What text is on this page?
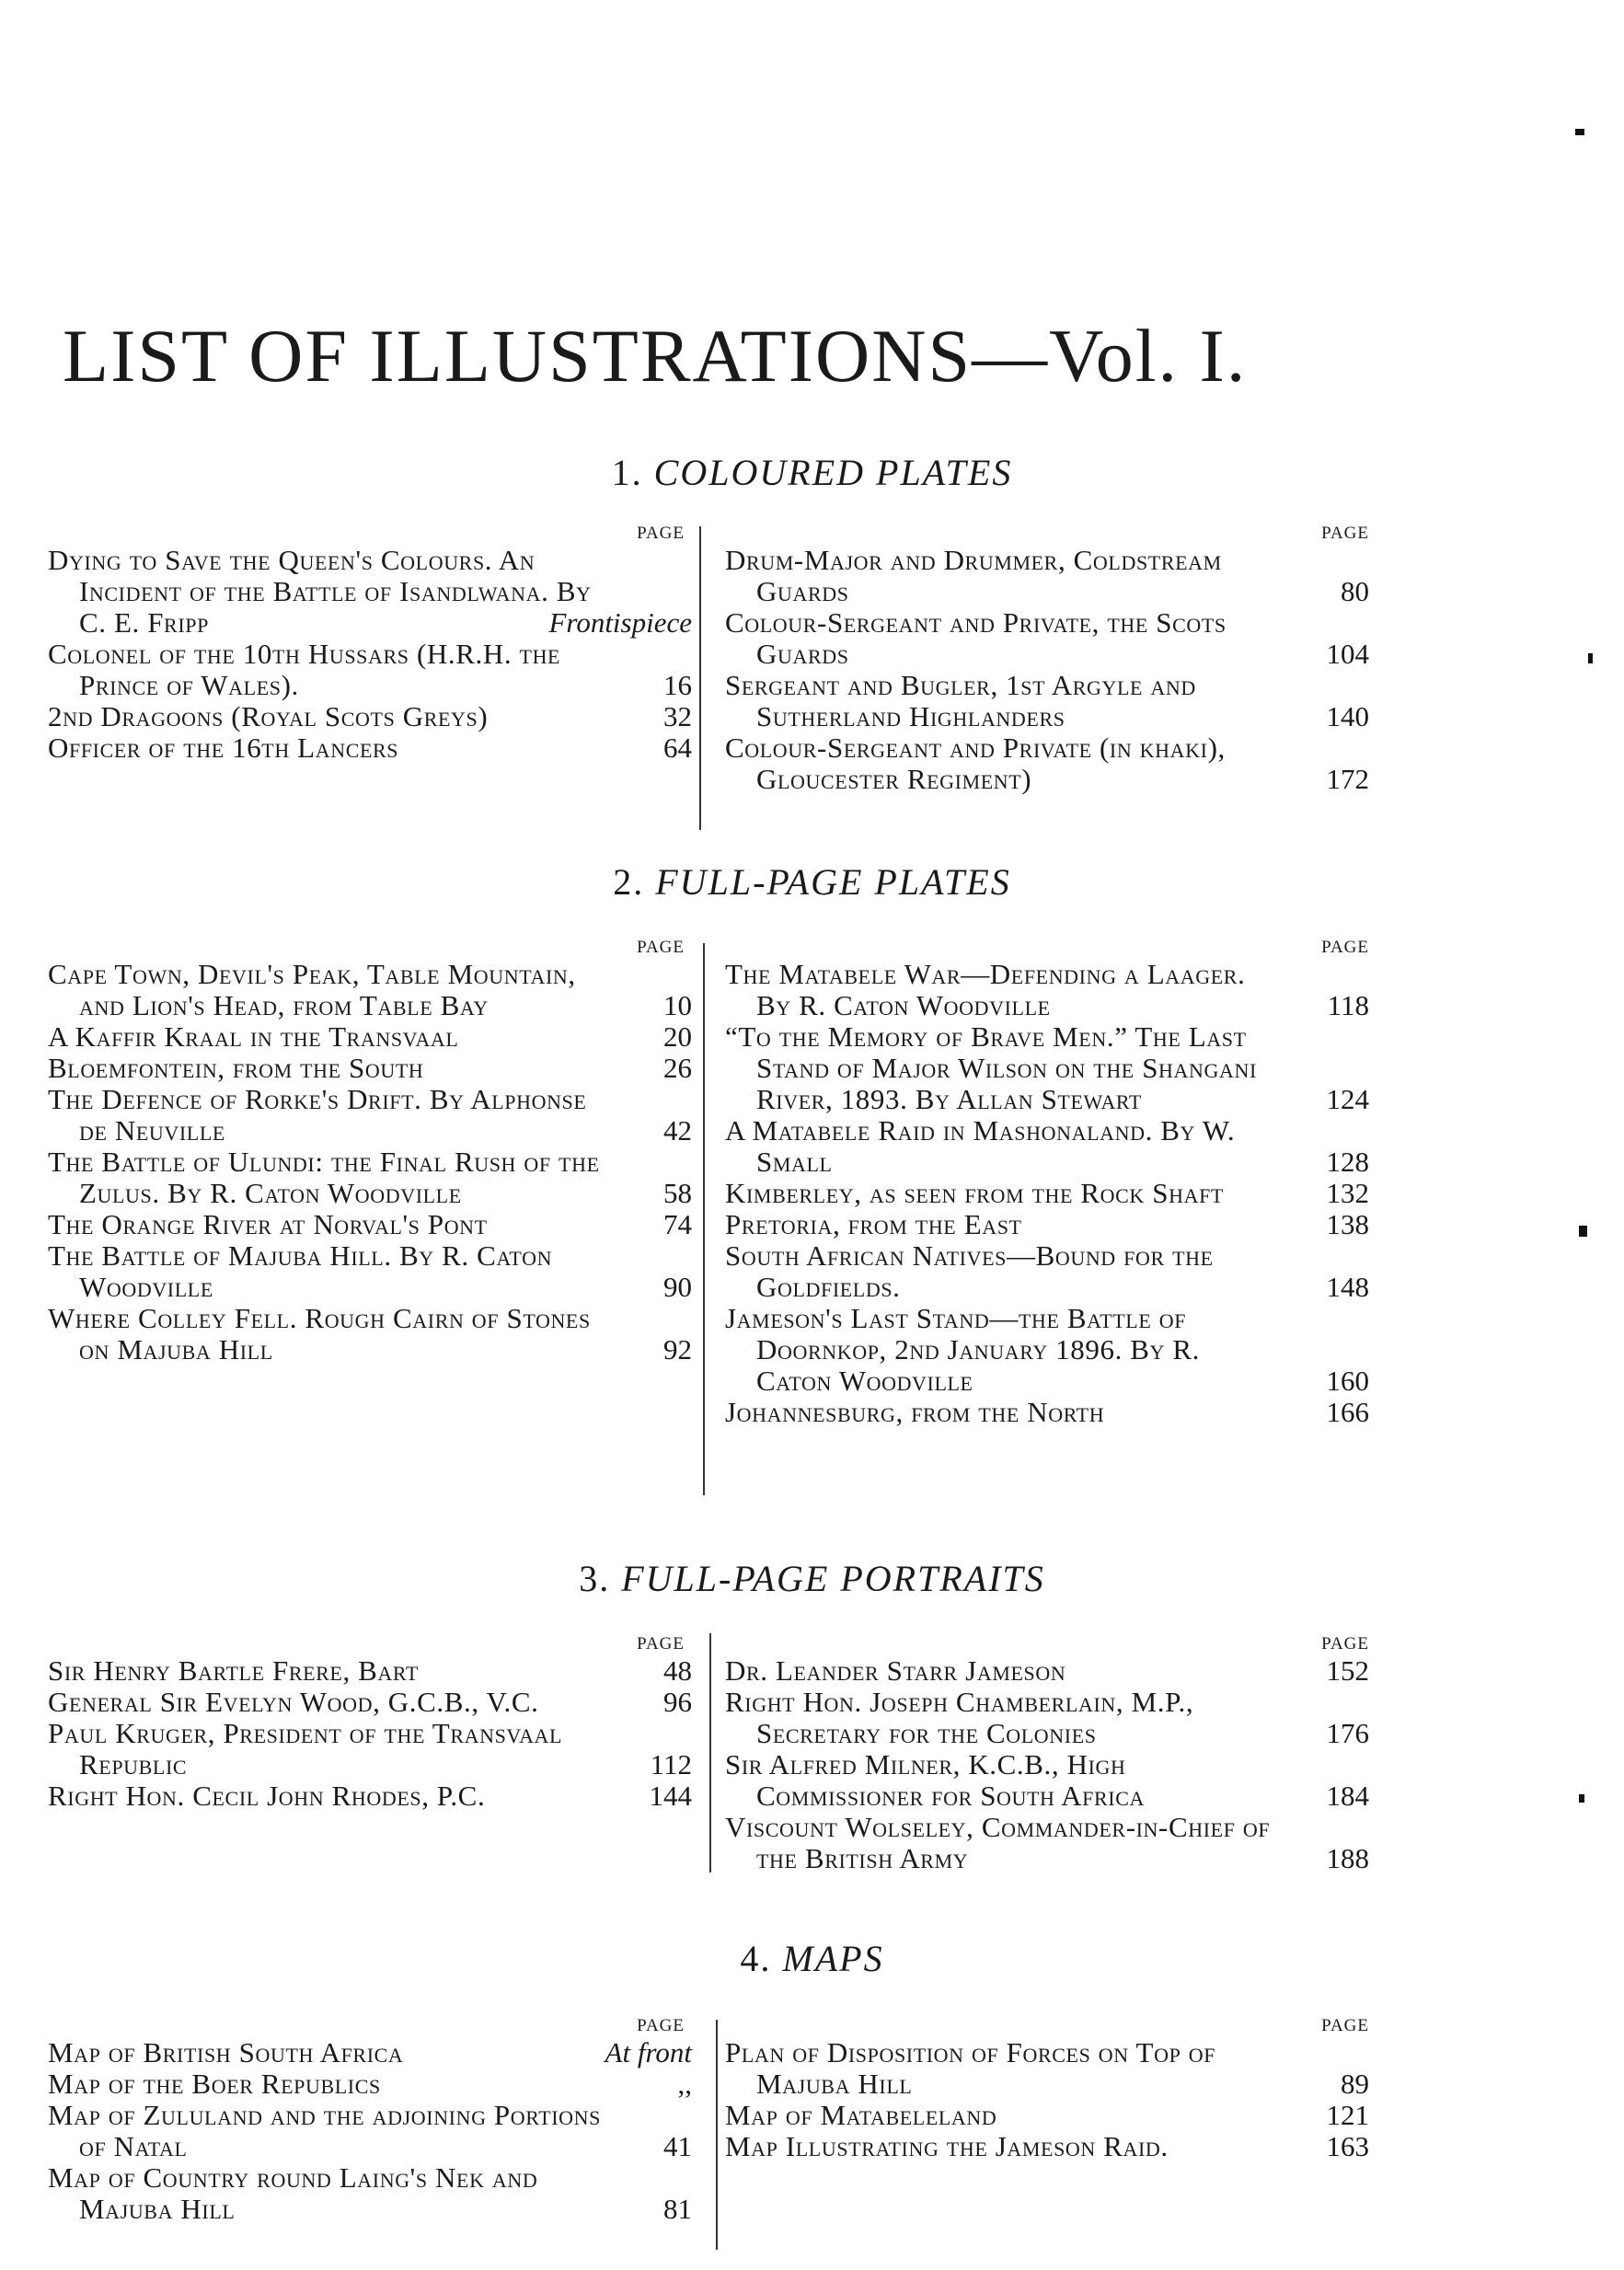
LIST OF ILLUSTRATIONS—Vol. I.
1. COLOURED PLATES
PAGE
Dying to Save the Queen's Colours. An Incident of the Battle of Isandlwana. By C. E. Fripp	Frontispiece
Colonel of the 10th Hussars (H.R.H. the Prince of Wales).	16
2nd Dragoons (Royal Scots Greys)	32
Officer of the 16th Lancers	64
PAGE
Drum-Major and Drummer, Coldstream Guards	80
Colour-Sergeant and Private, the Scots Guards	104
Sergeant and Bugler, 1st Argyle and Sutherland Highlanders	140
Colour-Sergeant and Private (in khaki), Gloucester Regiment)	172
2. FULL-PAGE PLATES
PAGE
Cape Town, Devil's Peak, Table Mountain, and Lion's Head, from Table Bay	10
A Kaffir Kraal in the Transvaal	20
Bloemfontein, from the South	26
The Defence of Rorke's Drift. By Alphonse de Neuville	42
The Battle of Ulundi: the Final Rush of the Zulus. By R. Caton Woodville	58
The Orange River at Norval's Pont	74
The Battle of Majuba Hill. By R. Caton Woodville	90
Where Colley Fell. Rough Cairn of Stones on Majuba Hill	92
PAGE
The Matabele War—Defending a Laager. By R. Caton Woodville	118
“To the Memory of Brave Men.” The Last Stand of Major Wilson on the Shangani River, 1893. By Allan Stewart	124
A Matabele Raid in Mashonaland. By W. Small	128
Kimberley, as seen from the Rock Shaft	132
Pretoria, from the East	138
South African Natives—Bound for the Goldfields.	148
Jameson's Last Stand—the Battle of Doornkop, 2nd January 1896. By R. Caton Woodville	160
Johannesburg, from the North	166
3. FULL-PAGE PORTRAITS
PAGE
Sir Henry Bartle Frere, Bart	48
General Sir Evelyn Wood, G.C.B., V.C.	96
Paul Kruger, President of the Transvaal Republic	112
Right Hon. Cecil John Rhodes, P.C.	144
PAGE
Dr. Leander Starr Jameson	152
Right Hon. Joseph Chamberlain, M.P., Secretary for the Colonies	176
Sir Alfred Milner, K.C.B., High Commissioner for South Africa	184
Viscount Wolseley, Commander-in-Chief of the British Army	188
4. MAPS
PAGE
Map of British South Africa	At front
Map of the Boer Republics	,,
Map of Zululand and the adjoining Portions of Natal	41
Map of Country round Laing's Nek and Majuba Hill	81
PAGE
Plan of Disposition of Forces on Top of Majuba Hill	89
Map of Matabeleland	121
Map Illustrating the Jameson Raid.	163
